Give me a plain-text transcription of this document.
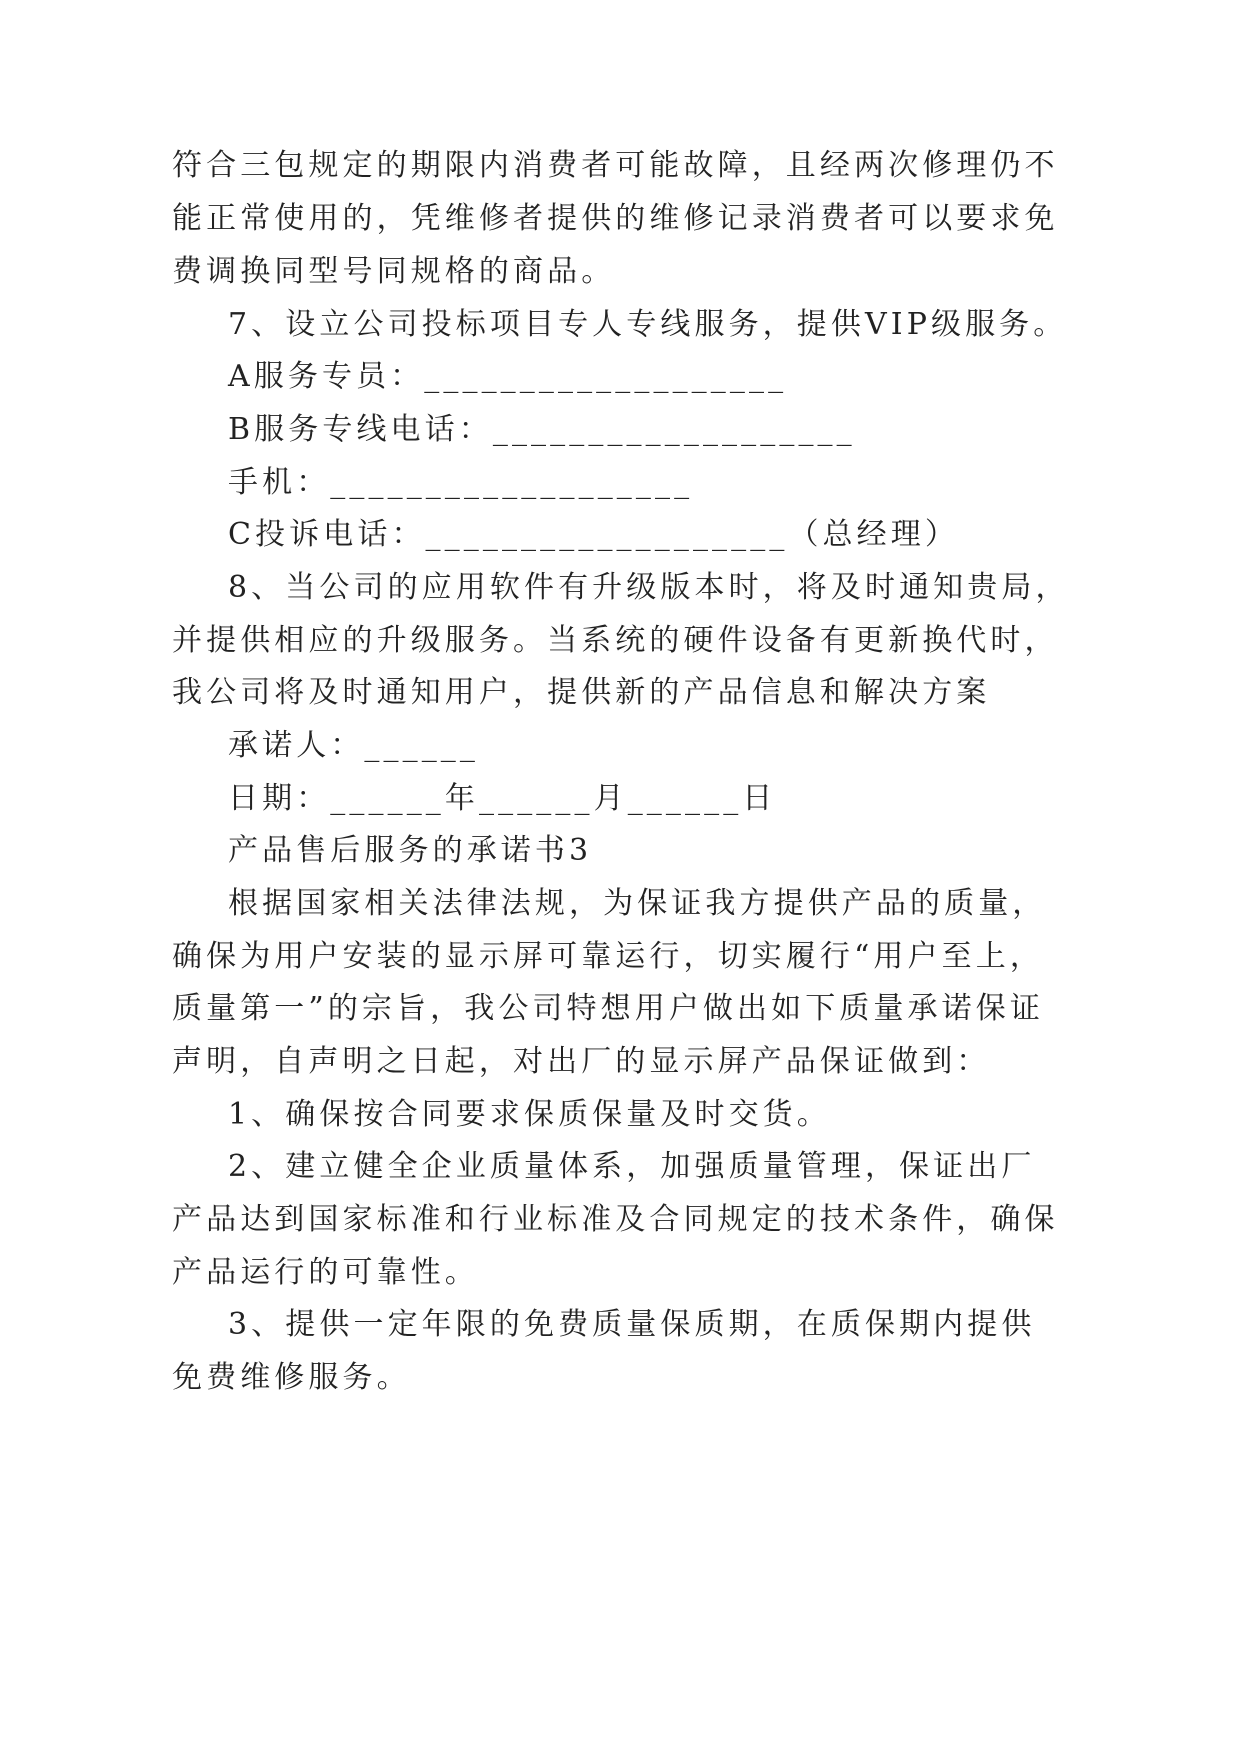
符合三包规定的期限内消费者可能故障，且经两次修理仍不
能正常使用的，凭维修者提供的维修记录消费者可以要求免
费调换同型号同规格的商品。
7、设立公司投标项目专人专线服务，提供VIP级服务。
A服务专员：___________________
B服务专线电话：___________________
手机：___________________
C投诉电话：___________________（总经理）
8、当公司的应用软件有升级版本时，将及时通知贵局，
并提供相应的升级服务。当系统的硬件设备有更新换代时，
我公司将及时通知用户，提供新的产品信息和解决方案
承诺人：______
日期：______年______月______日
产品售后服务的承诺书3
根据国家相关法律法规，为保证我方提供产品的质量，
确保为用户安装的显示屏可靠运行，切实履行“用户至上，
质量第一”的宗旨，我公司特想用户做出如下质量承诺保证
声明，自声明之日起，对出厂的显示屏产品保证做到：
1、确保按合同要求保质保量及时交货。
2、建立健全企业质量体系，加强质量管理，保证出厂
产品达到国家标准和行业标准及合同规定的技术条件，确保
产品运行的可靠性。
3、提供一定年限的免费质量保质期，在质保期内提供
免费维修服务。
